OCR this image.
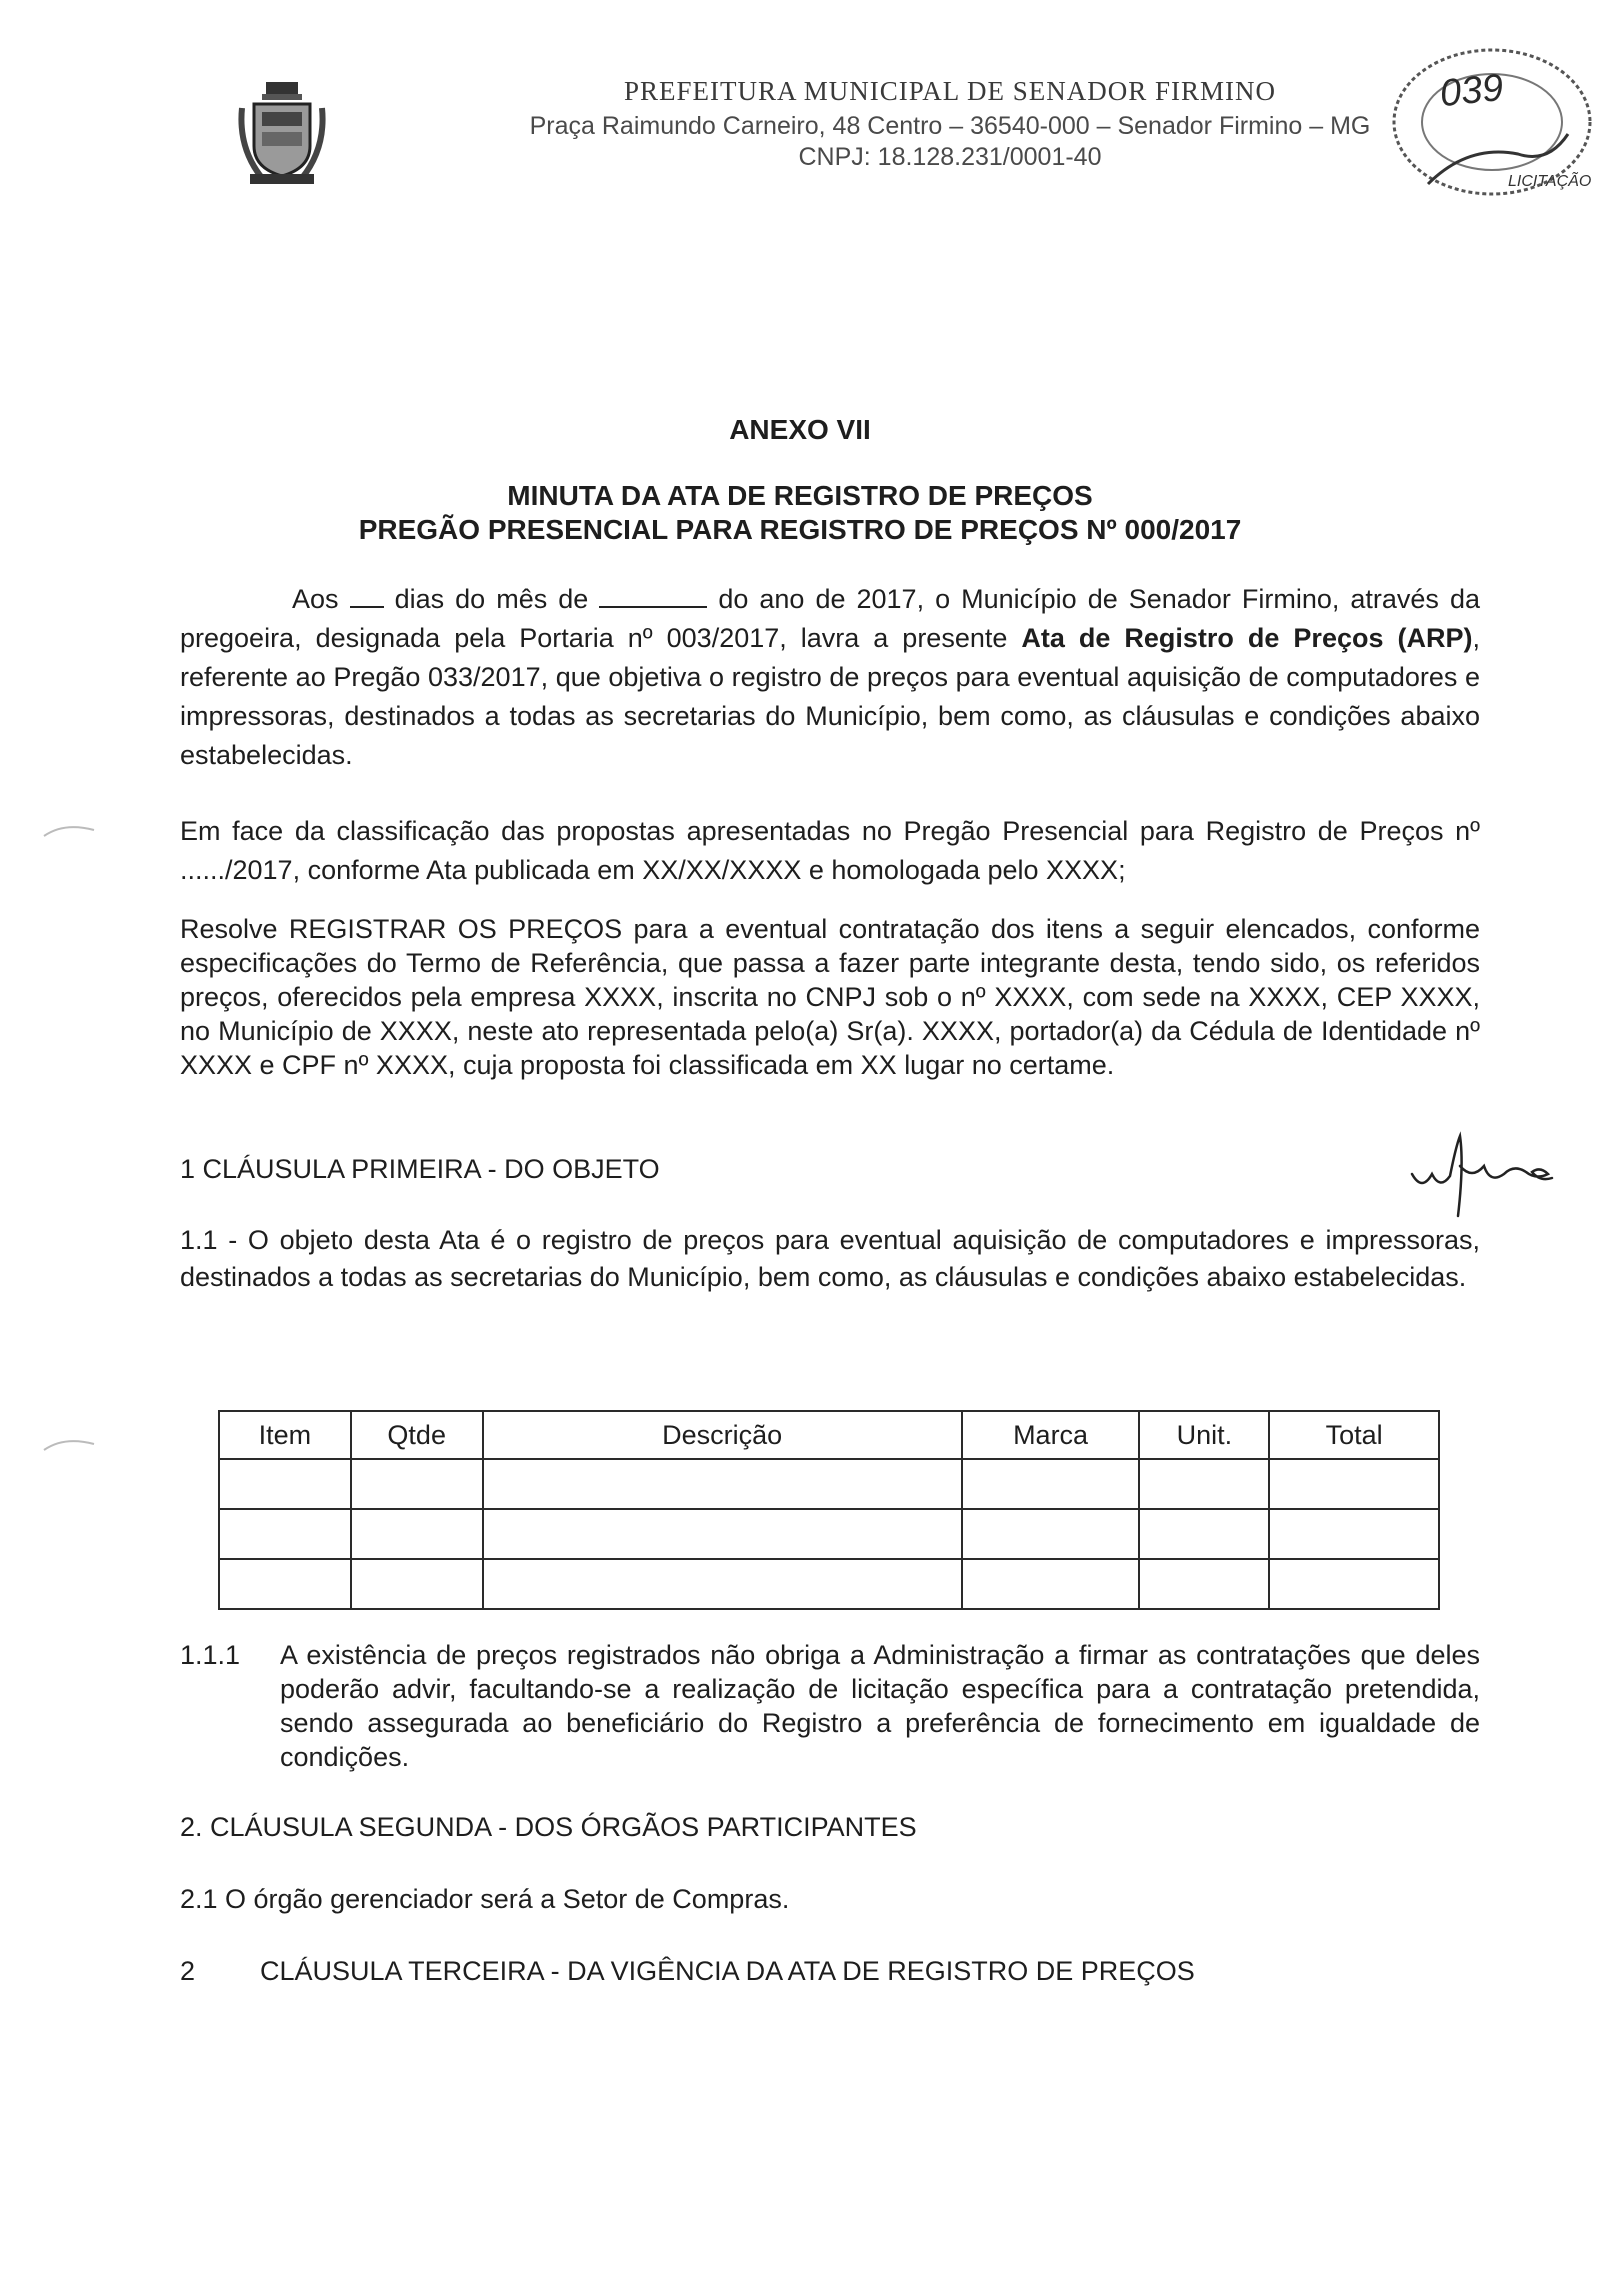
PREFEITURA MUNICIPAL DE SENADOR FIRMINO
Praça Raimundo Carneiro, 48 Centro – 36540-000 – Senador Firmino – MG
CNPJ: 18.128.231/0001-40
LICITAÇÃO
039
ANEXO VII
MINUTA DA ATA DE REGISTRO DE PREÇOS
PREGÃO PRESENCIAL PARA REGISTRO DE PREÇOS Nº 000/2017
Aos dias do mês de	do ano de 2017, o Município de Senador Firmino, através da pregoeira, designada pela Portaria nº 003/2017, lavra a presente Ata de Registro de Preços (ARP), referente ao Pregão 033/2017, que objetiva o registro de preços para eventual aquisição de computadores e impressoras, destinados a todas as secretarias do Município, bem como, as cláusulas e condições abaixo estabelecidas.
Em face da classificação das propostas apresentadas no Pregão Presencial para Registro de Preços nº ....../2017, conforme Ata publicada em XX/XX/XXXX e homologada pelo XXXX;
Resolve REGISTRAR OS PREÇOS para a eventual contratação dos itens a seguir elencados, conforme especificações do Termo de Referência, que passa a fazer parte integrante desta, tendo sido, os referidos preços, oferecidos pela empresa XXXX, inscrita no CNPJ sob o nº XXXX, com sede na XXXX, CEP XXXX, no Município de XXXX, neste ato representada pelo(a) Sr(a). XXXX, portador(a) da Cédula de Identidade nº XXXX e CPF nº XXXX, cuja proposta foi classificada em XX lugar no certame.
1 CLÁUSULA PRIMEIRA - DO OBJETO
1.1 - O objeto desta Ata é o registro de preços para eventual aquisição de computadores e impressoras, destinados a todas as secretarias do Município, bem como, as cláusulas e condições abaixo estabelecidas.
Item	Qtde	Descrição	Marca	Unit.	Total

1.1.1 A existência de preços registrados não obriga a Administração a firmar as contratações que deles poderão advir, facultando-se a realização de licitação específica para a contratação pretendida, sendo assegurada ao beneficiário do Registro a preferência de fornecimento em igualdade de condições.
2. CLÁUSULA SEGUNDA - DOS ÓRGÃOS PARTICIPANTES
2.1 O órgão gerenciador será a Setor de Compras.
2 CLÁUSULA TERCEIRA - DA VIGÊNCIA DA ATA DE REGISTRO DE PREÇOS
